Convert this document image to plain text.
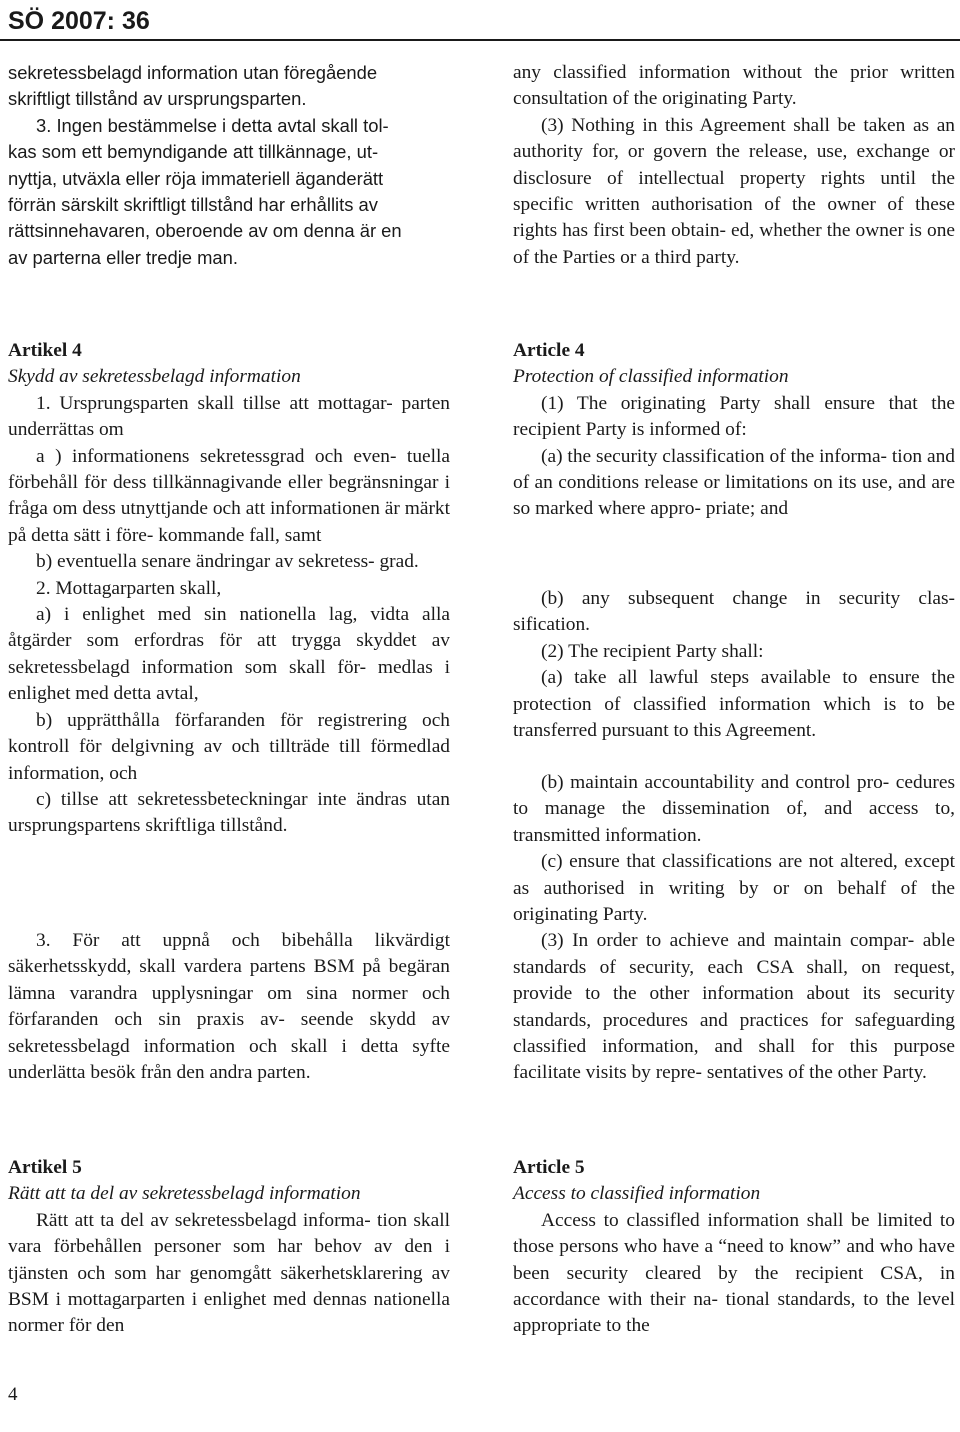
SÖ 2007: 36
sekretessbelagd information utan föregående
skriftligt tillstånd av ursprungsparten.
3. Ingen bestämmelse i detta avtal skall tol-
kas som ett bemyndigande att tillkännage, ut-
nyttja, utväxla eller röja immateriell äganderätt
förrän särskilt skriftligt tillstånd har erhållits av
rättsinnehavaren, oberoende av om denna är en
av parterna eller tredje man.

Artikel 4

Skydd av sekretessbelagd information

1. Ursprungsparten skall tillse att mottagar- parten underrättas om

a ) informationens sekretessgrad och even- tuella förbehåll för dess tillkännagivande eller begränsningar i fråga om dess utnyttjande och att informationen är märkt på detta sätt i före- kommande fall, samt

b) eventuella senare ändringar av sekretess- grad.

2. Mottagarparten skall,

a) i enlighet med sin nationella lag, vidta alla åtgärder som erfordras för att trygga skyddet av sekretessbelagd information som skall för- medlas i enlighet med detta avtal,

b) upprätthålla förfaranden för registrering och kontroll för delgivning av och tillträde till förmedlad information, och

c) tillse att sekretessbeteckningar inte ändras utan ursprungspartens skriftliga tillstånd.

3. För att uppnå och bibehålla likvärdigt säkerhetsskydd, skall vardera partens BSM på begäran lämna varandra upplysningar om sina normer och förfaranden och sin praxis av- seende skydd av sekretessbelagd information och skall i detta syfte underlätta besök från den andra parten.

Artikel 5

Rätt att ta del av sekretessbelagd information

Rätt att ta del av sekretessbelagd informa- tion skall vara förbehållen personer som har behov av den i tjänsten och som har genomgått säkerhetsklarering av BSM i mottagarparten i enlighet med dennas nationella normer för den

any classified information without the prior written consultation of the originating Party.

(3) Nothing in this Agreement shall be taken as an authority for, or govern the release, use, exchange or disclosure of intellectual property rights until the specific written authorisation of the owner of these rights has first been obtain- ed, whether the owner is one of the Parties or a third party.

Article 4

Protection of classified information

(1) The originating Party shall ensure that the recipient Party is informed of:

(a) the security classification of the informa- tion and of an conditions release or limitations on its use, and are so marked where appro- priate; and

(b) any subsequent change in security clas- sification.

(2) The recipient Party shall:

(a) take all lawful steps available to ensure the protection of classified information which is to be transferred pursuant to this Agreement.

(b) maintain accountability and control pro- cedures to manage the dissemination of, and access to, transmitted information.

(c) ensure that classifications are not altered, except as authorised in writing by or on behalf of the originating Party.

(3) In order to achieve and maintain compar- able standards of security, each CSA shall, on request, provide to the other information about its security standards, procedures and practices for safeguarding classified information, and shall for this purpose facilitate visits by repre- sentatives of the other Party.

Article 5

Access to classified information

Access to classifled information shall be limited to those persons who have a “need to know” and who have been security cleared by the recipient CSA, in accordance with their na- tional standards, to the level appropriate to the

4
